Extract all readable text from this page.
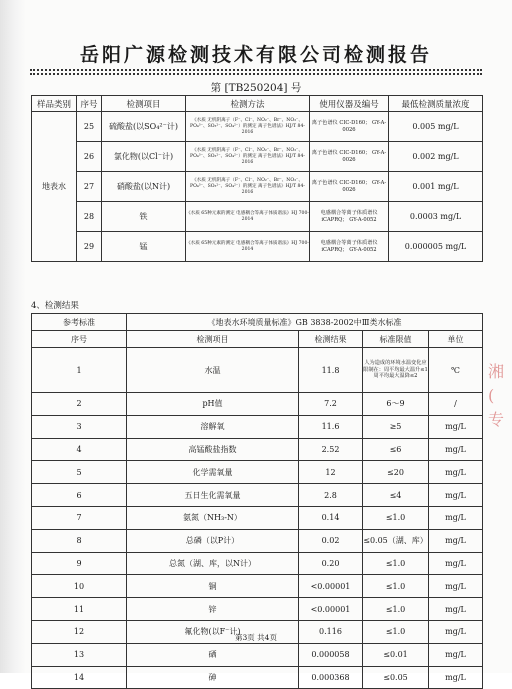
岳阳广源检测技术有限公司检测报告
第 [TB250204] 号
样品类别	序号	检测项目	检测方法	使用仪器及编号	最低检测质量浓度
地表水	25	硫酸盐(以SO₄²⁻计)	《水质 无机阴离子（F⁻、Cl⁻、NO₂⁻、Br⁻、NO₃⁻、PO₄³⁻、SO₃²⁻、SO₄²⁻）的测定 离子色谱法》HJ/T 84-2016	离子色谱仪 CIC-D160； GY-A-0026	0.005 mg/L
	26	氯化物(以Cl⁻计)	《水质 无机阴离子（F⁻、Cl⁻、NO₂⁻、Br⁻、NO₃⁻、PO₄³⁻、SO₃²⁻、SO₄²⁻）的测定 离子色谱法》HJ/T 84-2016	离子色谱仪 CIC-D160； GY-A-0026	0.002 mg/L
	27	硝酸盐(以N计)	《水质 无机阴离子（F⁻、Cl⁻、NO₂⁻、Br⁻、NO₃⁻、PO₄³⁻、SO₃²⁻、SO₄²⁻）的测定 离子色谱法》HJ/T 84-2016	离子色谱仪 CIC-D160； GY-A-0026	0.001 mg/L
	28	铁	《水质 65种元素的测定 电感耦合等离子体质谱法》HJ 700-2014	电感耦合等离子体质谱仪iCAPRQ； GY-A-0052	0.0003 mg/L
	29	锰	《水质 65种元素的测定 电感耦合等离子体质谱法》HJ 700-2014	电感耦合等离子体质谱仪iCAPRQ； GY-A-0052	0.000005 mg/L
4、检测结果
参考标准	《地表水环境质量标准》GB 3838-2002中Ⅲ类水标准			
序号	检测项目	检测结果	标准限值	单位
1	水温	11.8	人为造成的环境水温变化应限制在：周平均最大温升≤1 周平均最大温降≤2	℃
2	pH值	7.2	6～9	/
3	溶解氧	11.6	≥5	mg/L
4	高锰酸盐指数	2.52	≤6	mg/L
5	化学需氧量	12	≤20	mg/L
6	五日生化需氧量	2.8	≤4	mg/L
7	氨氮（NH₃-N）	0.14	≤1.0	mg/L
8	总磷（以P计）	0.02	≤0.05（湖、库）	mg/L
9	总氮（湖、库，以N计）	0.20	≤1.0	mg/L
10	铜	<0.00001	≤1.0	mg/L
11	锌	<0.00001	≤1.0	mg/L
12	氟化物(以F⁻计)	0.116	≤1.0	mg/L
13	硒	0.000058	≤0.01	mg/L
14	砷	0.000368	≤0.05	mg/L
第3页 共4页
湘
(
专
